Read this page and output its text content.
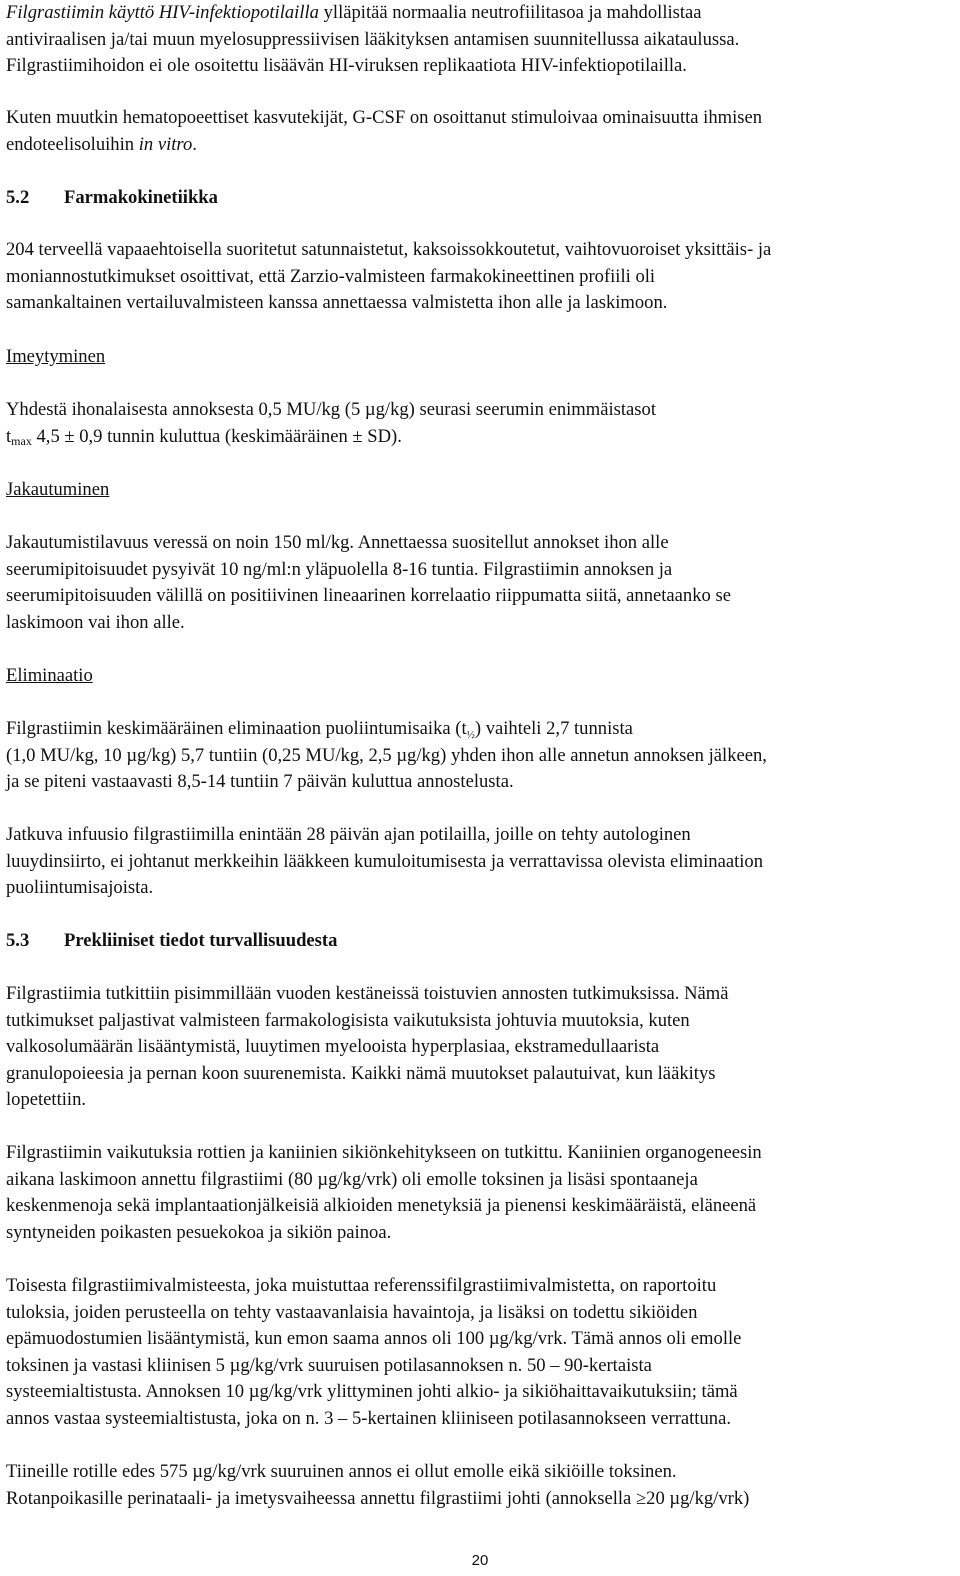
Filgrastiimin käyttö HIV-infektiopotilailla ylläpitää normaalia neutrofiilitasoa ja mahdollistaa
antiviraalisen ja/tai muun myelosuppressiivisen lääkityksen antamisen suunnitellussa aikataulussa.
Filgrastiimihoidon ei ole osoitettu lisäävän HI-viruksen replikaatiota HIV-infektiopotilailla.
Kuten muutkin hematopoeettiset kasvutekijät, G-CSF on osoittanut stimuloivaa ominaisuutta ihmisen
endoteelisoluihin in vitro.
5.2 Farmakokinetiikka
204 terveellä vapaaehtoisella suoritetut satunnaistetut, kaksoissokkoutetut, vaihtovuoroiset yksittäis- ja
moniannostutkimukset osoittivat, että Zarzio-valmisteen farmakokineettinen profiili oli
samankaltainen vertailuvalmisteen kanssa annettaessa valmistetta ihon alle ja laskimoon.
Imeytyminen
Yhdestä ihonalaisesta annoksesta 0,5 MU/kg (5 µg/kg) seurasi seerumin enimmäistasot
$t_{max}$ 4,5 ± 0,9 tunnin kuluttua (keskimääräinen ± SD).
Jakautuminen
Jakautumistilavuus veressä on noin 150 ml/kg. Annettaessa suositellut annokset ihon alle
seerumipitoisuudet pysyivät 10 ng/ml:n yläpuolella 8-16 tuntia. Filgrastiimin annoksen ja
seerumipitoisuuden välillä on positiivinen lineaarinen korrelaatio riippumatta siitä, annetaanko se
laskimoon vai ihon alle.
Eliminaatio
Filgrastiimin keskimääräinen eliminaation puoliintumisaika $(t_{\frac{1}{2}})$ vaihteli 2,7 tunnista
(1,0 MU/kg, 10 µg/kg) 5,7 tuntiin (0,25 MU/kg, 2,5 µg/kg) yhden ihon alle annetun annoksen jälkeen,
ja se piteni vastaavasti 8,5-14 tuntiin 7 päivän kuluttua annostelusta.
Jatkuva infuusio filgrastiimilla enintään 28 päivän ajan potilailla, joille on tehty autologinen
luuydinsiirto, ei johtanut merkkeihin lääkkeen kumuloitumisesta ja verrattavissa olevista eliminaation
puoliintumisajoista.
5.3 Prekliiniset tiedot turvallisuudesta
Filgrastiimia tutkittiin pisimmillään vuoden kestäneissä toistuvien annosten tutkimuksissa. Nämä
tutkimukset paljastivat valmisteen farmakologisista vaikutuksista johtuvia muutoksia, kuten
valkosolumäärän lisääntymistä, luuytimen myelooista hyperplasiaa, ekstramedullaarista
granulopoieesia ja pernan koon suurenemista. Kaikki nämä muutokset palautuivat, kun lääkitys
lopetettiin.
Filgrastiimin vaikutuksia rottien ja kaniinien sikiönkehitykseen on tutkittu. Kaniinien organogeneesin
aikana laskimoon annettu filgrastiimi (80 µg/kg/vrk) oli emolle toksinen ja lisäsi spontaaneja
keskenmenoja sekä implantaationjälkeisiä alkioiden menetyksiä ja pienensi keskimääräistä, eläneenä
syntyneiden poikasten pesuekokoa ja sikiön painoa.
Toisesta filgrastiimivalmisteesta, joka muistuttaa referenssifilgrastiimivalmistetta, on raportoitu
tuloksia, joiden perusteella on tehty vastaavanlaisia havaintoja, ja lisäksi on todettu sikiöiden
epämuodostumien lisääntymistä, kun emon saama annos oli 100 µg/kg/vrk. Tämä annos oli emolle
toksinen ja vastasi kliinisen 5 µg/kg/vrk suuruisen potilasannoksen n. 50 – 90-kertaista
systeemialtistusta. Annoksen 10 µg/kg/vrk ylittyminen johti alkio- ja sikiöhaittavaikutuksiin; tämä
annos vastaa systeemialtistusta, joka on n. 3 – 5-kertainen kliiniseen potilasannokseen verrattuna.
Tiineille rotille edes 575 µg/kg/vrk suuruinen annos ei ollut emolle eikä sikiöille toksinen.
Rotanpoikasille perinataali- ja imetysvaiheessa annettu filgrastiimi johti (annoksella ≥20 µg/kg/vrk)
20
